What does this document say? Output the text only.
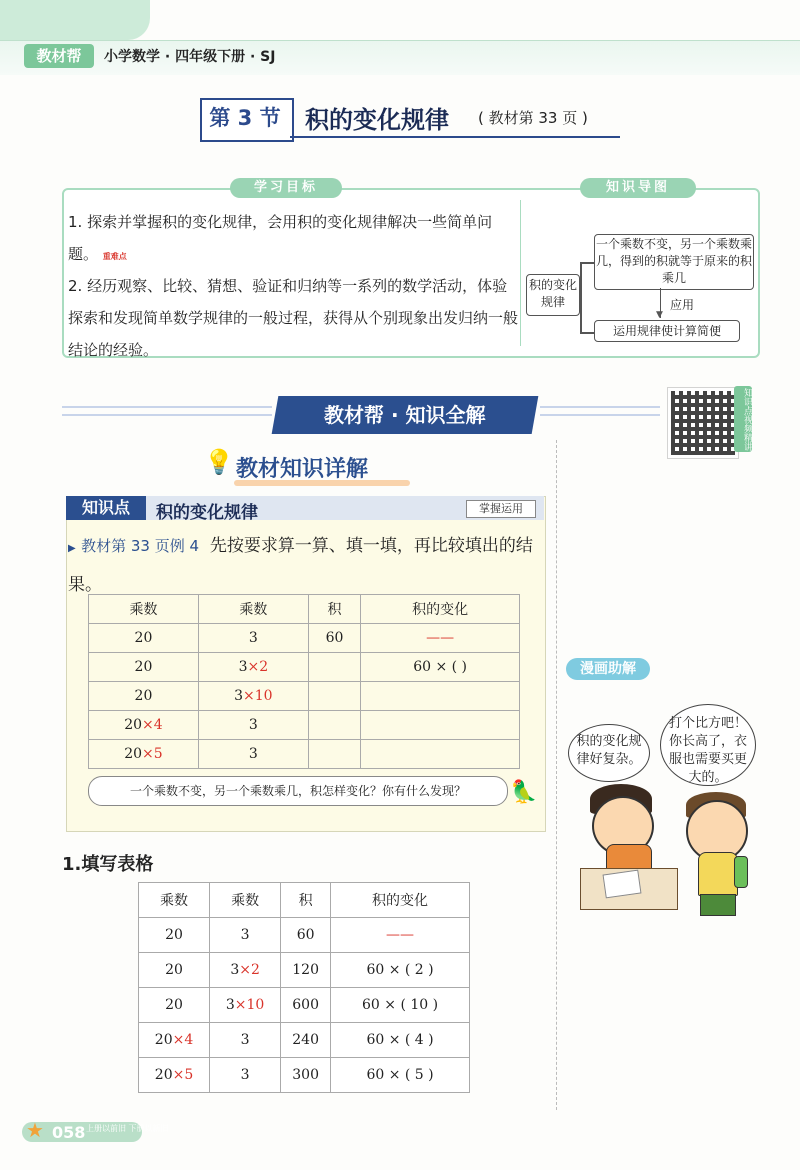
教材帮	小学数学 · 四年级下册 · SJ
第 3 节	积的变化规律 ( 教材第 33 页 )
学习目标	知识导图
1. 探索并掌握积的变化规律，会用积的变化规律解决一些简单问题。 重难点
2. 经历观察、比较、猜想、验证和归纳等一系列的数学活动，体验探索和发现简单数学规律的一般过程，获得从个别现象出发归纳一般结论的经验。
积的变化规律
一个乘数不变，另一个乘数乘几，得到的积就等于原来的积乘几
▼
应用
运用规律使计算简便
教材帮 · 知识全解	知识点视频精讲
💡 教材知识详解
知识点	积的变化规律	掌握运用
▶ 教材第 33 页例 4 先按要求算一算、填一填，再比较填出的结果。
乘数	乘数	积	积的变化
20	3	60	——
20	3×2		60 × ( )
20	3×10		
20×4	3		
20×5	3		
一个乘数不变，另一个乘数乘几，积怎样变化？你有什么发现？	🦜
1.填写表格
乘数	乘数	积	积的变化
20	3	60	——
20	3×2	120	60 × ( 2 )
20	3×10	600	60 × ( 10 )
20×4	3	240	60 × ( 4 )
20×5	3	300	60 × ( 5 )
漫画助解
积的变化规律好复杂。
打个比方吧！你长高了，衣服也需要买更大的。
★ 058 上册以前旧 下册以新旧
